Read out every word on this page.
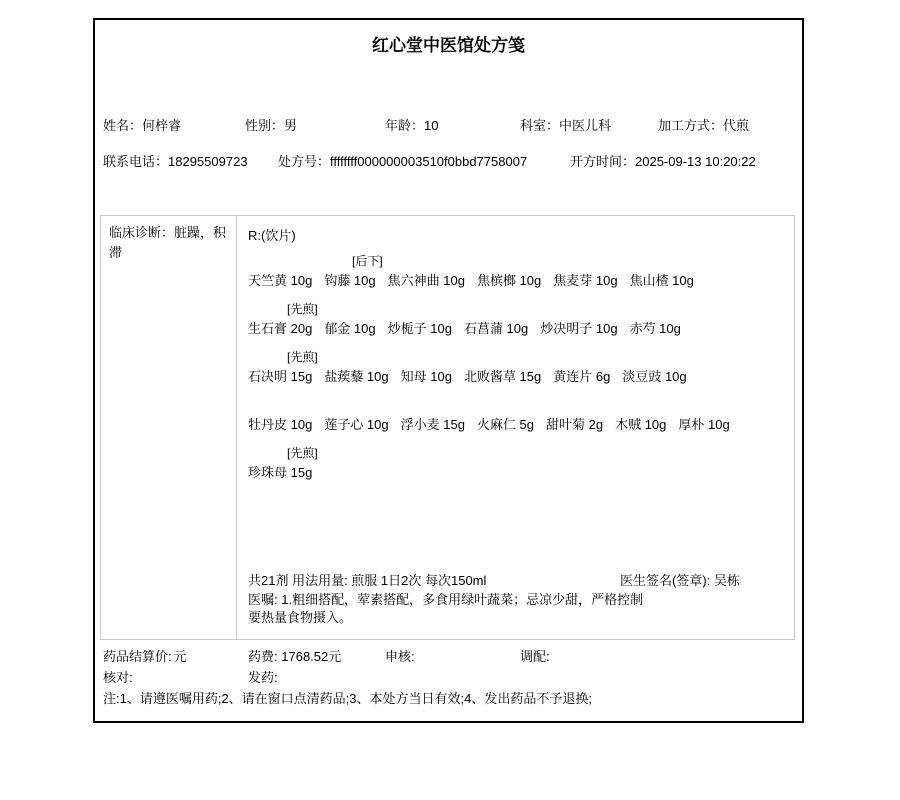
红心堂中医馆处方笺
姓名：何梓睿	性别：男	年龄：10	科室：中医儿科	加工方式：代煎
联系电话：18295509723 处方号：ffffffff000000003510f0bbd7758007	开方时间：2025-09-13 10:20:22
临床诊断：脏躁，积滞
R:(饮片)
[后下]
天竺黄 10g 钩藤 10g 焦六神曲 10g 焦槟榔 10g 焦麦芽 10g 焦山楂 10g
[先煎]
生石膏 20g 郁金 10g 炒栀子 10g 石菖蒲 10g 炒决明子 10g 赤芍 10g
[先煎]
石决明 15g 盐蒺藜 10g 知母 10g 北败酱草 15g 黄连片 6g 淡豆豉 10g
牡丹皮 10g 莲子心 10g 浮小麦 15g 火麻仁 5g 甜叶菊 2g 木贼 10g 厚朴 10g
[先煎]
珍珠母 15g
共21剂 用法用量: 煎服 1日2次 每次150ml	医生签名(签章): 吴栋
医嘱: 1.粗细搭配，荤素搭配，多食用绿叶蔬菜；忌凉少甜，严格控制要热量食物摄入。
药品结算价: 元	药费: 1768.52元	申核:	调配:
核对:	发药:
注:1、请遵医嘱用药;2、请在窗口点清药品;3、本处方当日有效;4、发出药品不予退换;
